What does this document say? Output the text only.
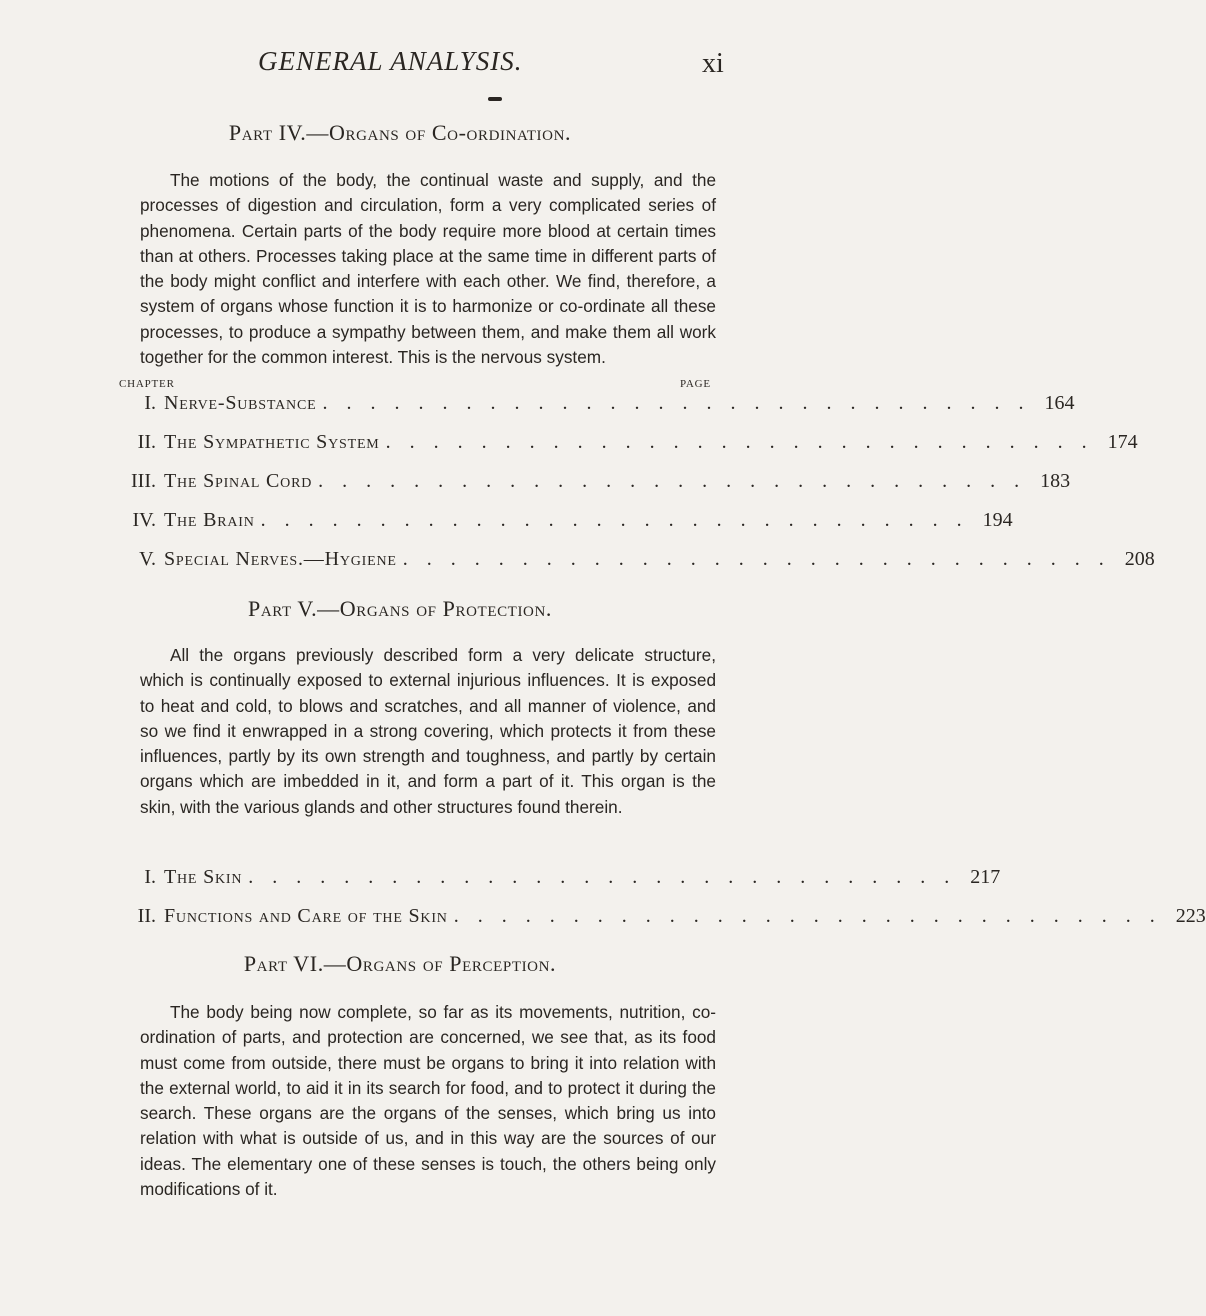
GENERAL ANALYSIS.	xi
Part IV.—Organs of Co-ordination.

The motions of the body, the continual waste and supply, and the processes of digestion and circulation, form a very complicated series of phenomena. Certain parts of the body require more blood at certain times than at others. Processes taking place at the same time in different parts of the body might conflict and interfere with each other. We find, therefore, a system of organs whose function it is to harmonize or co-ordinate all these processes, to produce a sympathy between them, and make them all work together for the common interest. This is the nervous system.

CHAPTER	PAGE
I. Nerve-Substance . . . . . . . . . . . . . . . . . . . . . . . . . . . . . . 164
II. The Sympathetic System . . . . . . . . . . . . . . . . . . . . . . . . . . . . . . 174
III. The Spinal Cord . . . . . . . . . . . . . . . . . . . . . . . . . . . . . . 183
IV. The Brain . . . . . . . . . . . . . . . . . . . . . . . . . . . . . . 194
V. Special Nerves.—Hygiene . . . . . . . . . . . . . . . . . . . . . . . . . . . . . . 208
Part V.—Organs of Protection.

All the organs previously described form a very delicate structure, which is continually exposed to external injurious influences. It is exposed to heat and cold, to blows and scratches, and all manner of violence, and so we find it enwrapped in a strong covering, which protects it from these influences, partly by its own strength and toughness, and partly by certain organs which are imbedded in it, and form a part of it. This organ is the skin, with the various glands and other structures found therein.

I. The Skin . . . . . . . . . . . . . . . . . . . . . . . . . . . . . . 217
II. Functions and Care of the Skin . . . . . . . . . . . . . . . . . . . . . . . . . . . . . . 223
Part VI.—Organs of Perception.

The body being now complete, so far as its movements, nutrition, co-ordination of parts, and protection are concerned, we see that, as its food must come from outside, there must be organs to bring it into relation with the external world, to aid it in its search for food, and to protect it during the search. These organs are the organs of the senses, which bring us into relation with what is outside of us, and in this way are the sources of our ideas. The elementary one of these senses is touch, the others being only modifications of it.
